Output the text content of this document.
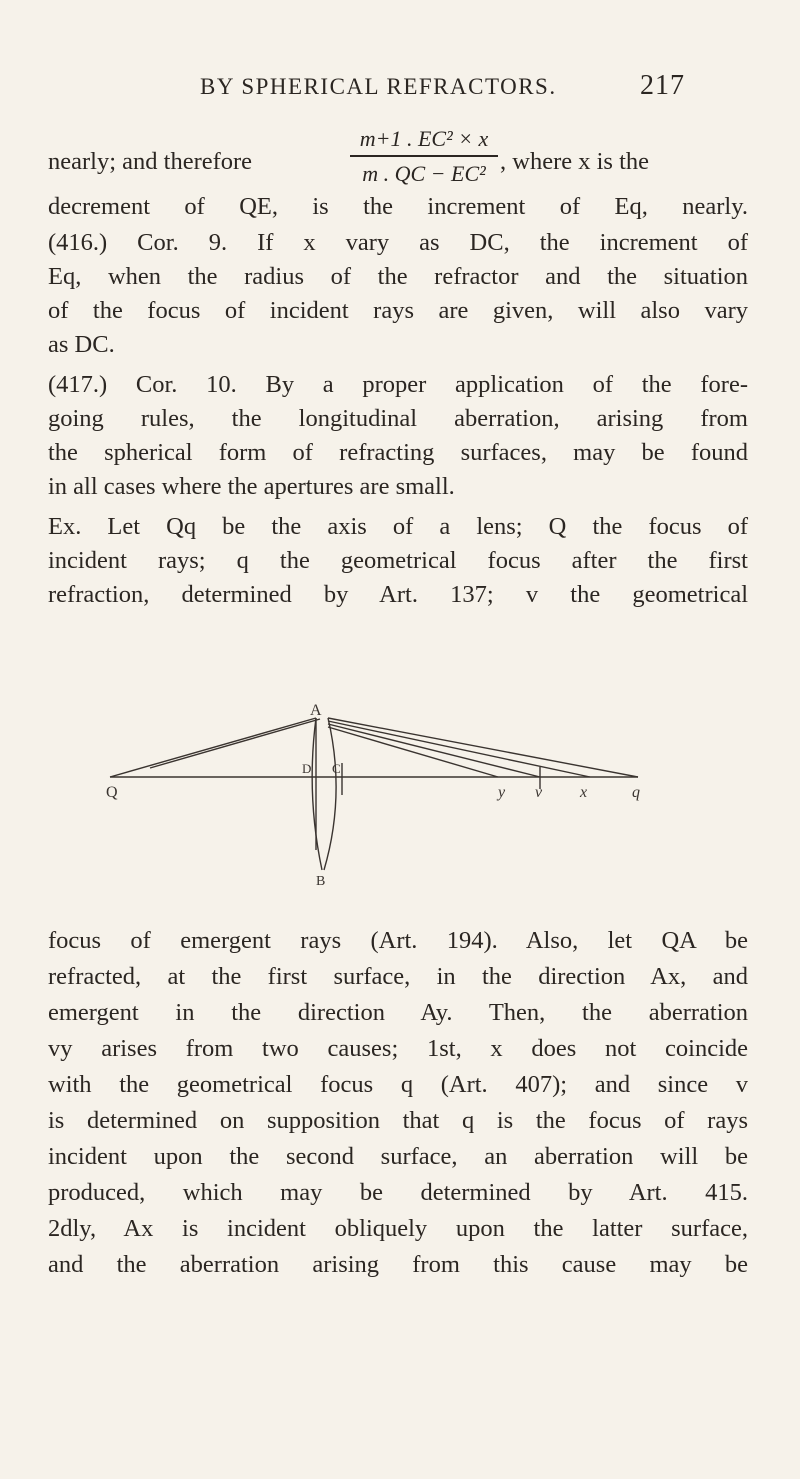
BY SPHERICAL REFRACTORS.	217
nearly; and therefore
m+1 . EC² × x
m . QC − EC² , where x is the
decrement of QE, is the increment of Eq, nearly.
(416.) Cor. 9. If x vary as DC, the increment of
Eq, when the radius of the refractor and the situation
of the focus of incident rays are given, will also vary
as DC.
(417.) Cor. 10. By a proper application of the fore-
going rules, the longitudinal aberration, arising from
the spherical form of refracting surfaces, may be found
in all cases where the apertures are small.
Ex. Let Qq be the axis of a lens; Q the focus of
incident rays; q the geometrical focus after the first
refraction, determined by Art. 137; v the geometrical
A
D C
Q	y v x	q
B
focus of emergent rays (Art. 194). Also, let QA be
refracted, at the first surface, in the direction Ax, and
emergent in the direction Ay. Then, the aberration
vy arises from two causes; 1st, x does not coincide
with the geometrical focus q (Art. 407); and since v
is determined on supposition that q is the focus of rays
incident upon the second surface, an aberration will be
produced, which may be determined by Art. 415.
2dly, Ax is incident obliquely upon the latter surface,
and the aberration arising from this cause may be
